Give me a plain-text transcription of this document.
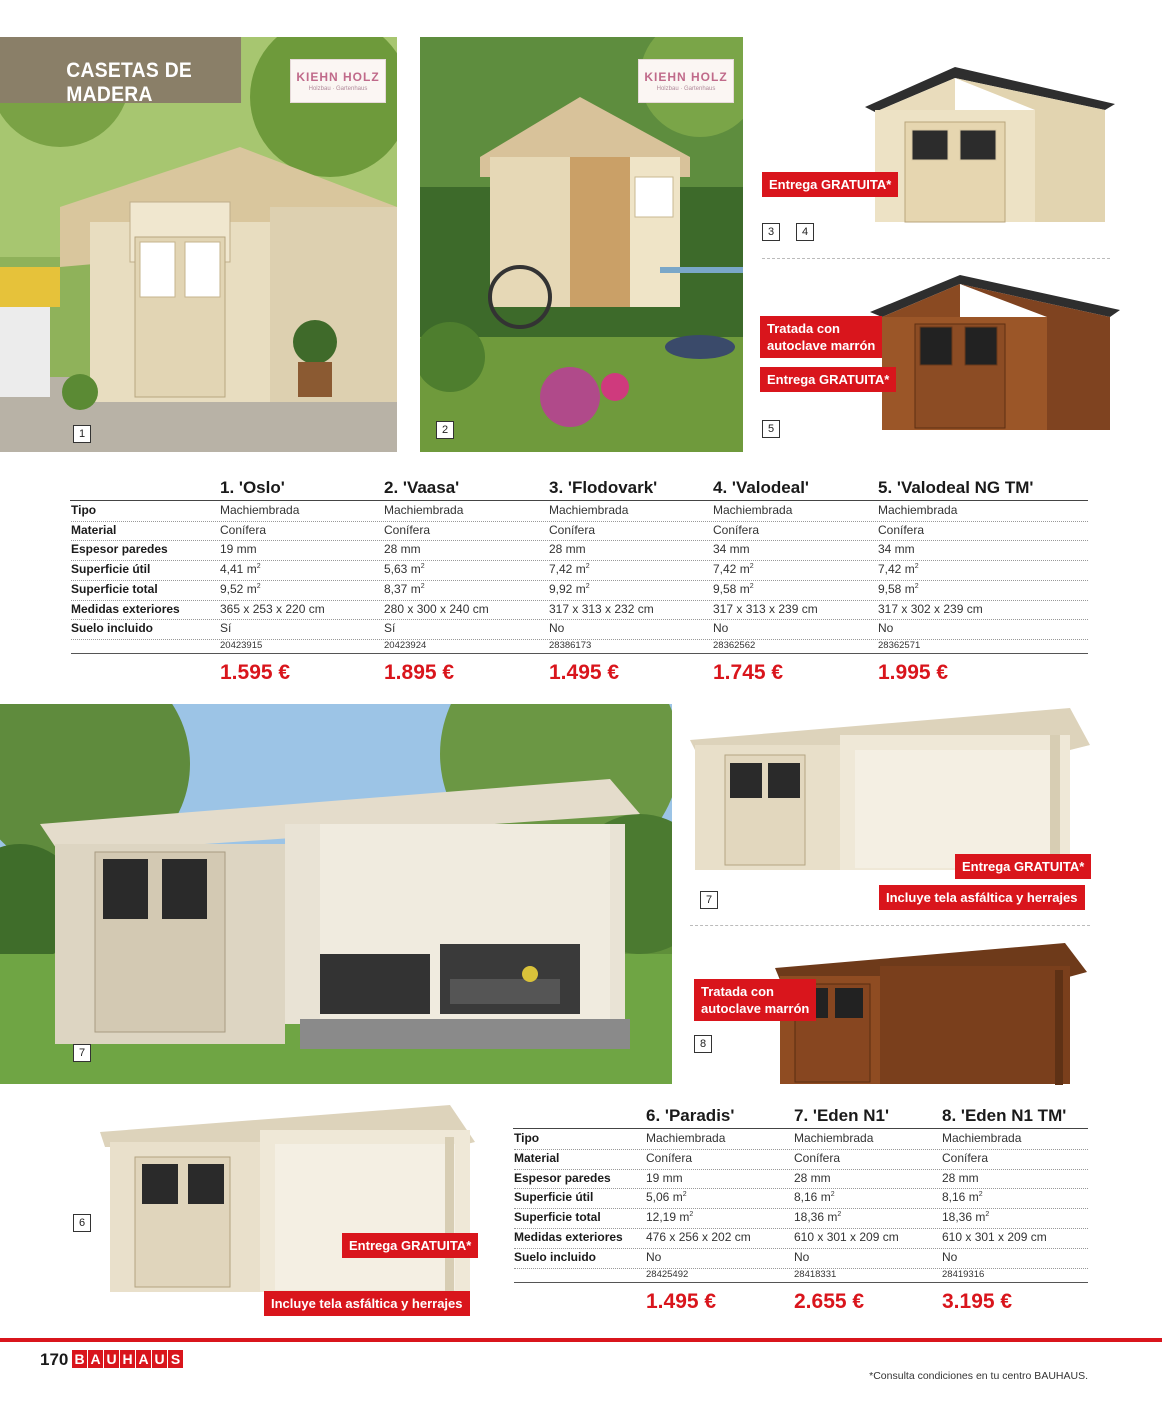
CASETAS DE MADERA
KIEHN HOLZ
Holzbau · Gartenhaus
1
KIEHN HOLZ
Holzbau · Gartenhaus
2
Entrega GRATUITA*
3	4
Tratada con
autoclave marrón
Entrega GRATUITA*
5
Tipo
Material
Espesor paredes
Superficie útil
Superficie total
Medidas exteriores
Suelo incluido
1. 'Oslo'
Machiembrada
Conífera
19 mm
4,41 $m^2$
9,52 $m^2$
365 x 253 x 220 cm
Sí
20423915
1.595 €
2. 'Vaasa'
Machiembrada
Conífera
28 mm
5,63 $m^2$
8,37 $m^2$
280 x 300 x 240 cm
Sí
20423924
1.895 €
3. 'Flodovark'
Machiembrada
Conífera
28 mm
7,42 $m^2$
9,92 $m^2$
317 x 313 x 232 cm
No
28386173
1.495 €
4. 'Valodeal'
Machiembrada
Conífera
34 mm
7,42 $m^2$
9,58 $m^2$
317 x 313 x 239 cm
No
28362562
1.745 €
5. 'Valodeal NG TM'
Machiembrada
Conífera
34 mm
7,42 $m^2$
9,58 $m^2$
317 x 302 x 239 cm
No
28362571
1.995 €
7
Entrega GRATUITA*
Incluye tela asfáltica y herrajes
7
Tratada con
autoclave marrón
8
6
Entrega GRATUITA*
Incluye tela asfáltica y herrajes
Tipo
Material
Espesor paredes
Superficie útil
Superficie total
Medidas exteriores
Suelo incluido
6. 'Paradis'
Machiembrada
Conífera
19 mm
5,06 $m^2$
12,19 $m^2$
476 x 256 x 202 cm
No
28425492
1.495 €
7. 'Eden N1'
Machiembrada
Conífera
28 mm
8,16 $m^2$
18,36 $m^2$
610 x 301 x 209 cm
No
28418331
2.655 €
8. 'Eden N1 TM'
Machiembrada
Conífera
28 mm
8,16 $m^2$
18,36 $m^2$
610 x 301 x 209 cm
No
28419316
3.195 €
170 B A U H A U S
*Consulta condiciones en tu centro BAUHAUS.
